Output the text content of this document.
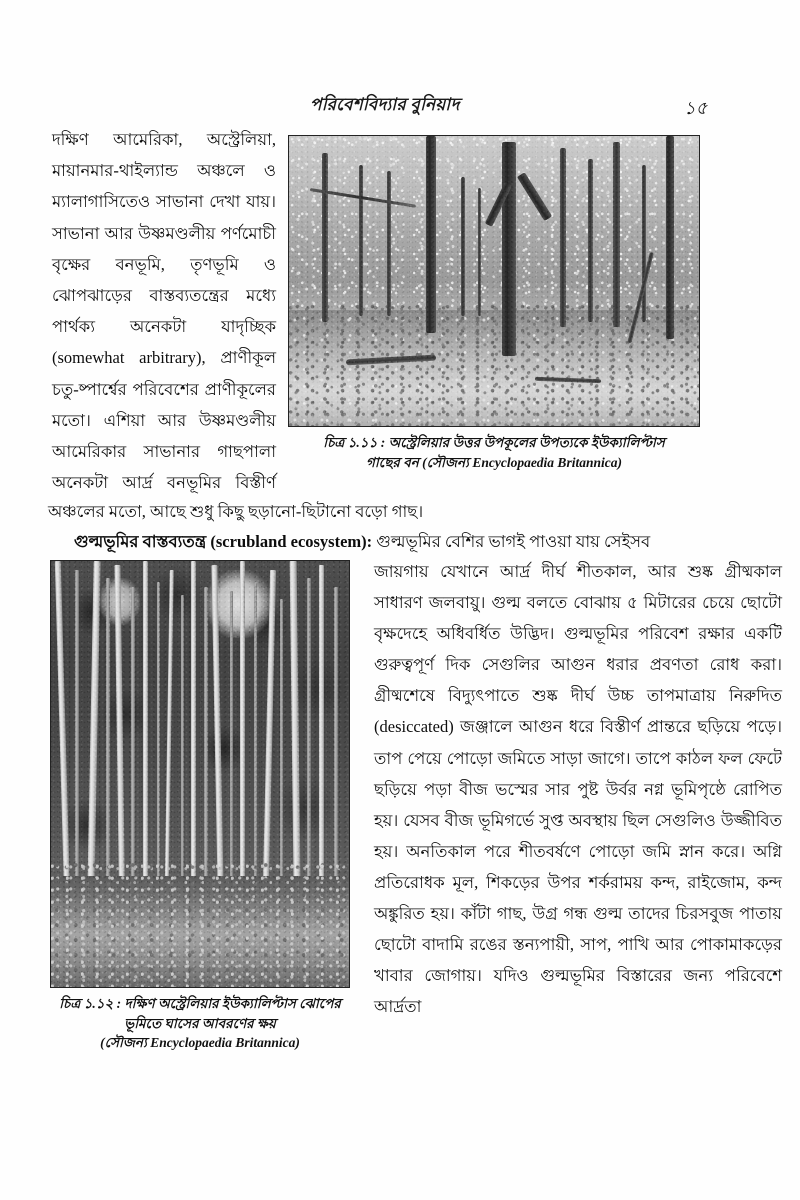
পরিবেশবিদ্যার বুনিয়াদ	১৫
চিত্র ১.১১ : অস্ট্রেলিয়ার উত্তর উপকূলের উপত্যকে ইউক্যালিপ্টাস
গাছের বন (সৌজন্য Encyclopaedia Britannica)
চিত্র ১.১২ : দক্ষিণ অস্ট্রেলিয়ার ইউক্যালিপ্টাস ঝোপের
ভূমিতে ঘাসের আবরণের ক্ষয়
(সৌজন্য Encyclopaedia Britannica)

দক্ষিণ আমেরিকা, অস্ট্রেলিয়া, মায়ানমার-থাইল্যান্ড অঞ্চলে ও ম্যালাগাসিতেও সাভানা দেখা যায়। সাভানা আর উষ্ণমণ্ডলীয় পর্ণমোচী বৃক্ষের বনভূমি, তৃণভূমি ও ঝোপঝাড়ের বাস্তব্যতন্ত্রের মধ্যে পার্থক্য অনেকটা যাদৃচ্ছিক (somewhat arbitrary), প্রাণীকূল চতু-ষ্পার্শ্বের পরিবেশের প্রাণীকূলের মতো। এশিয়া আর উষ্ণমণ্ডলীয় আমেরিকার সাভানার গাছপালা অনেকটা আর্দ্র বনভূমির বিস্তীর্ণ

অঞ্চলের মতো, আছে শুধু কিছু ছড়ানো-ছিটানো বড়ো গাছ।
গুল্মভূমির বাস্তব্যতন্ত্র (scrubland ecosystem): গুল্মভূমির বেশির ভাগই পাওয়া যায় সেইসব

জায়গায় যেখানে আর্দ্র দীর্ঘ শীতকাল, আর শুষ্ক গ্রীষ্মকাল সাধারণ জলবায়ু। গুল্ম বলতে বোঝায় ৫ মিটারের চেয়ে ছোটো বৃক্ষদেহে অধিবর্ধিত উদ্ভিদ। গুল্মভূমির পরিবেশ রক্ষার একটি গুরুত্বপূর্ণ দিক সেগুলির আগুন ধরার প্রবণতা রোধ করা। গ্রীষ্মশেষে বিদ্যুৎপাতে শুষ্ক দীর্ঘ উচ্চ তাপমাত্রায় নিরুদিত (desiccated) জঞ্জালে আগুন ধরে বিস্তীর্ণ প্রান্তরে ছড়িয়ে পড়ে। তাপ পেয়ে পোড়ো জমিতে সাড়া জাগে। তাপে কাঠল ফল ফেটে ছড়িয়ে পড়া বীজ ভস্মের সার পুষ্ট উর্বর নগ্ন ভূমিপৃষ্ঠে রোপিত হয়। যেসব বীজ ভূমিগর্ভে সুপ্ত অবস্থায় ছিল সেগুলিও উজ্জীবিত হয়। অনতিকাল পরে শীতবর্ষণে পোড়ো জমি স্নান করে। অগ্নি প্রতিরোধক মূল, শিকড়ের উপর শর্করাময় কন্দ, রাইজোম, কন্দ অঙ্কুরিত হয়। কাঁটা গাছ, উগ্র গন্ধ গুল্ম তাদের চিরসবুজ পাতায় ছোটো বাদামি রঙের স্তন্যপায়ী, সাপ, পাখি আর পোকামাকড়ের খাবার জোগায়। যদিও গুল্মভূমির বিস্তারের জন্য পরিবেশে আর্দ্রতা
